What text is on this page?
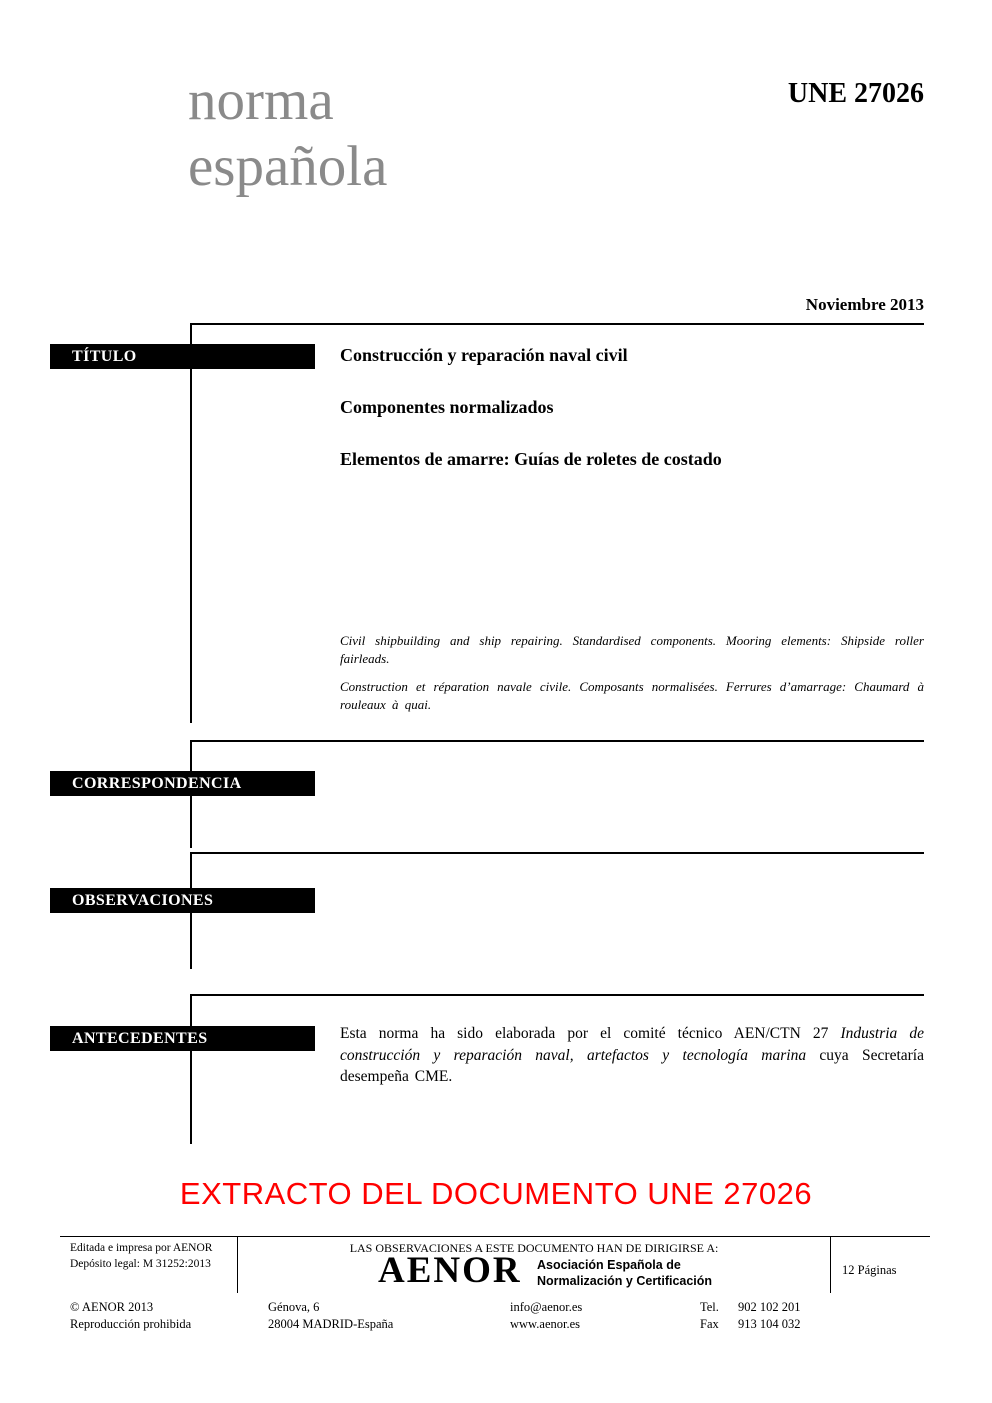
norma
española
UNE 27026
Noviembre 2013
TÍTULO
CORRESPONDENCIA
OBSERVACIONES
ANTECEDENTES
Construcción y reparación naval civil
Componentes normalizados
Elementos de amarre: Guías de roletes de costado
Civil shipbuilding and ship repairing. Standardised components. Mooring elements: Shipside roller fairleads.
Construction et réparation navale civile. Composants normalisées. Ferrures d’amarrage: Chaumard à rouleaux à quai.
Esta norma ha sido elaborada por el comité técnico AEN/CTN 27 Industria de construcción y reparación naval, artefactos y tecnología marina cuya Secretaría desempeña CME.
EXTRACTO DEL DOCUMENTO UNE 27026
Editada e impresa por AENOR
Depósito legal: M 31252:2013
LAS OBSERVACIONES A ESTE DOCUMENTO HAN DE DIRIGIRSE A:
AENOR Asociación Española de
Normalización y Certificación
12 Páginas
© AENOR 2013
Reproducción prohibida
Génova, 6
28004 MADRID-España
info@aenor.es
www.aenor.es
Tel. 902 102 201
Fax 913 104 032
